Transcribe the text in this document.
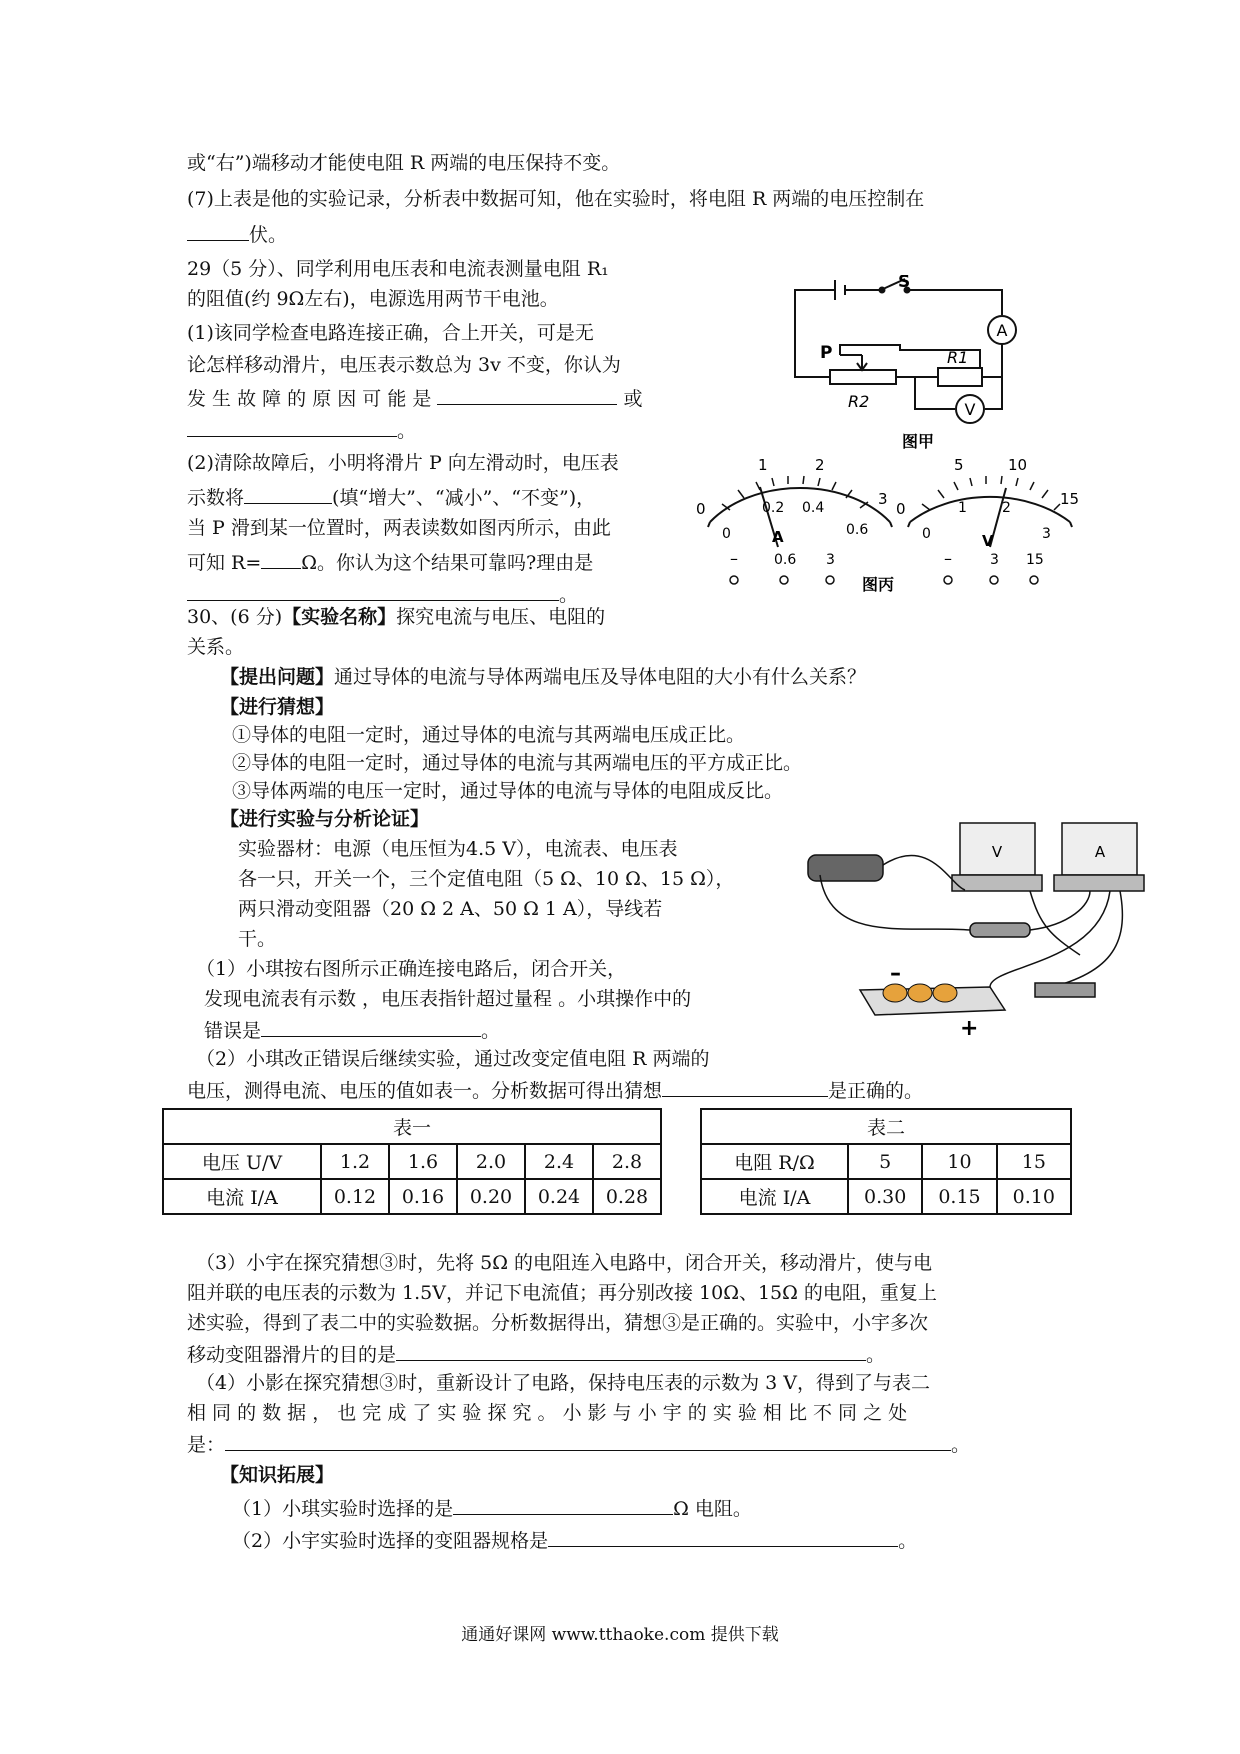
或“右”)端移动才能使电阻 R 两端的电压保持不变。
(7)上表是他的实验记录，分析表中数据可知，他在实验时，将电阻 R 两端的电压控制在
伏。
29（5 分）、同学利用电压表和电流表测量电阻 R₁
的阻值(约 9Ω左右)，电源选用两节干电池。
(1)该同学检查电路连接正确，合上开关，可是无
论怎样移动滑片，电压表示数总为 3v 不变，你认为
发 生 故 障 的 原 因 可 能 是	或
。
(2)清除故障后，小明将滑片 P 向左滑动时，电压表
示数将	(填“增大”、“减小”、“不变”)，
当 P 滑到某一位置时，两表读数如图丙所示，由此
可知 R= Ω。你认为这个结果可靠吗?理由是
。
S
A
P	R1
R2	V
图甲
1	2
0
3
0.2 0.4
0	0.6
A
–	0.6 3
图丙
5	10
0
15
1	2
0	3
V
–	3 15
30、(6 分)【实验名称】探究电流与电压、电阻的
关系。
【提出问题】通过导体的电流与导体两端电压及导体电阻的大小有什么关系？
【进行猜想】
①导体的电阻一定时，通过导体的电流与其两端电压成正比。
②导体的电阻一定时，通过导体的电流与其两端电压的平方成正比。
③导体两端的电压一定时，通过导体的电流与导体的电阻成反比。
【进行实验与分析论证】
实验器材：电源（电压恒为4.5 V），电流表、电压表
各一只，开关一个，三个定值电阻（5 Ω、10 Ω、15 Ω），
两只滑动变阻器（20 Ω 2 A、50 Ω 1 A），导线若
干。
（1）小琪按右图所示正确连接电路后，闭合开关，
发现电流表有示数 ，电压表指针超过量程 。小琪操作中的
错误是	。
（2）小琪改正错误后继续实验，通过改变定值电阻 R 两端的
电压，测得电流、电压的值如表一。分析数据可得出猜想	是正确的。
V	A
–
+
表一					
电压 U/V	1.2	1.6	2.0	2.4	2.8
电流 I/A	0.12	0.16	0.20	0.24	0.28
表二			
电阻 R/Ω	5	10	15
电流 I/A	0.30	0.15	0.10
（3）小宇在探究猜想③时，先将 5Ω 的电阻连入电路中，闭合开关，移动滑片，使与电
阻并联的电压表的示数为 1.5V，并记下电流值；再分别改接 10Ω、15Ω 的电阻，重复上
述实验，得到了表二中的实验数据。分析数据得出，猜想③是正确的。实验中，小宇多次
移动变阻器滑片的目的是	。
（4）小影在探究猜想③时，重新设计了电路，保持电压表的示数为 3 V，得到了与表二
相 同 的 数 据 ， 也 完 成 了 实 验 探 究 。 小 影 与 小 宇 的 实 验 相 比 不 同 之 处
是：	。
【知识拓展】
（1）小琪实验时选择的是	Ω 电阻。
（2）小宇实验时选择的变阻器规格是	。
通通好课网 www.tthaoke.com 提供下载
